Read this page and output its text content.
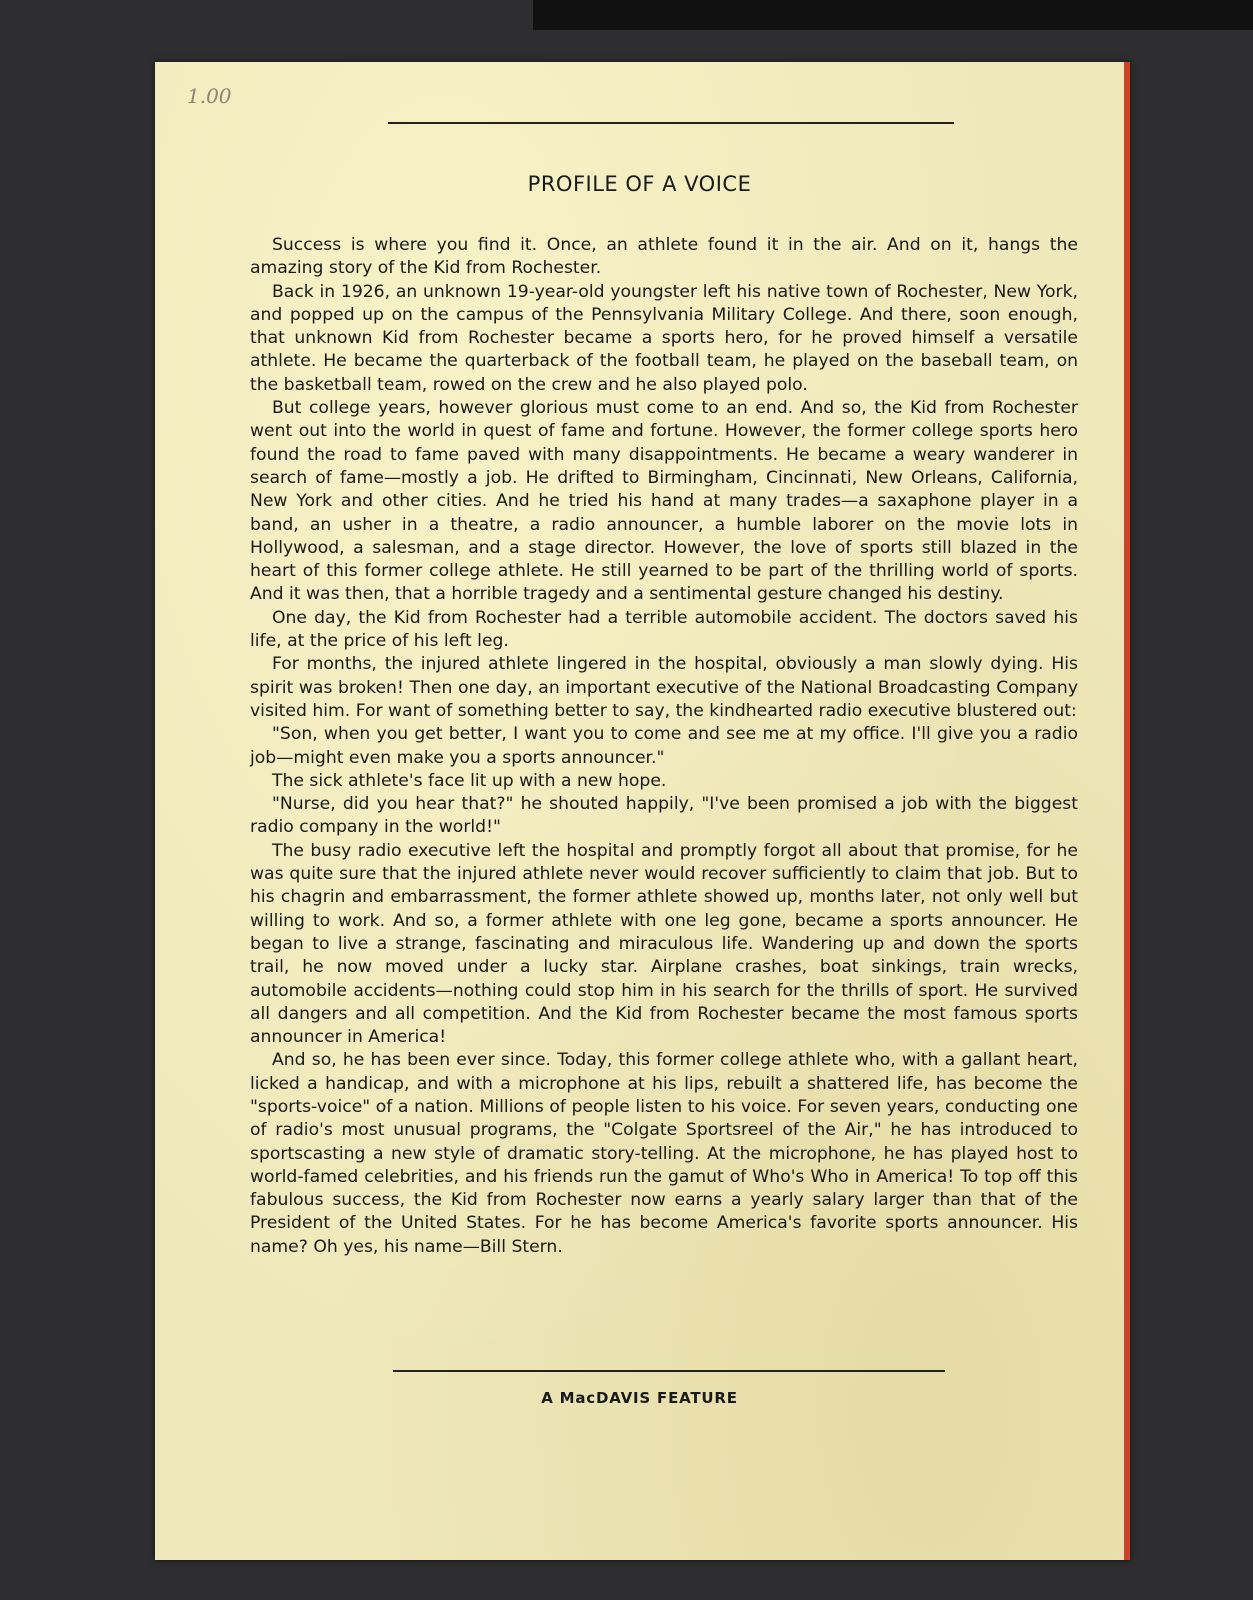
1.00
PROFILE OF A VOICE

Success is where you find it. Once, an athlete found it in the air. And on it, hangs the amazing story of the Kid from Rochester.

Back in 1926, an unknown 19-year-old youngster left his native town of Rochester, New York, and popped up on the campus of the Pennsylvania Military College. And there, soon enough, that unknown Kid from Rochester became a sports hero, for he proved himself a versatile athlete. He became the quarterback of the football team, he played on the baseball team, on the basketball team, rowed on the crew and he also played polo.

But college years, however glorious must come to an end. And so, the Kid from Rochester went out into the world in quest of fame and fortune. However, the former college sports hero found the road to fame paved with many disappointments. He became a weary wanderer in search of fame—mostly a job. He drifted to Birmingham, Cincinnati, New Orleans, California, New York and other cities. And he tried his hand at many trades—a saxaphone player in a band, an usher in a theatre, a radio announcer, a humble laborer on the movie lots in Hollywood, a salesman, and a stage director. However, the love of sports still blazed in the heart of this former college athlete. He still yearned to be part of the thrilling world of sports. And it was then, that a horrible tragedy and a sentimental gesture changed his destiny.

One day, the Kid from Rochester had a terrible automobile accident. The doctors saved his life, at the price of his left leg.

For months, the injured athlete lingered in the hospital, obviously a man slowly dying. His spirit was broken! Then one day, an important executive of the National Broadcasting Company visited him. For want of something better to say, the kindhearted radio executive blustered out:

"Son, when you get better, I want you to come and see me at my office. I'll give you a radio job—might even make you a sports announcer."

The sick athlete's face lit up with a new hope.

"Nurse, did you hear that?" he shouted happily, "I've been promised a job with the biggest radio company in the world!"

The busy radio executive left the hospital and promptly forgot all about that promise, for he was quite sure that the injured athlete never would recover sufficiently to claim that job. But to his chagrin and embarrassment, the former athlete showed up, months later, not only well but willing to work. And so, a former athlete with one leg gone, became a sports announcer. He began to live a strange, fascinating and miraculous life. Wandering up and down the sports trail, he now moved under a lucky star. Airplane crashes, boat sinkings, train wrecks, automobile accidents—nothing could stop him in his search for the thrills of sport. He survived all dangers and all competition. And the Kid from Rochester became the most famous sports announcer in America!

And so, he has been ever since. Today, this former college athlete who, with a gallant heart, licked a handicap, and with a microphone at his lips, rebuilt a shattered life, has become the "sports-voice" of a nation. Millions of people listen to his voice. For seven years, conducting one of radio's most unusual programs, the "Colgate Sportsreel of the Air," he has introduced to sportscasting a new style of dramatic story-telling. At the microphone, he has played host to world-famed celebrities, and his friends run the gamut of Who's Who in America! To top off this fabulous success, the Kid from Rochester now earns a yearly salary larger than that of the President of the United States. For he has become America's favorite sports announcer. His name? Oh yes, his name—Bill Stern.

A MacDAVIS FEATURE
